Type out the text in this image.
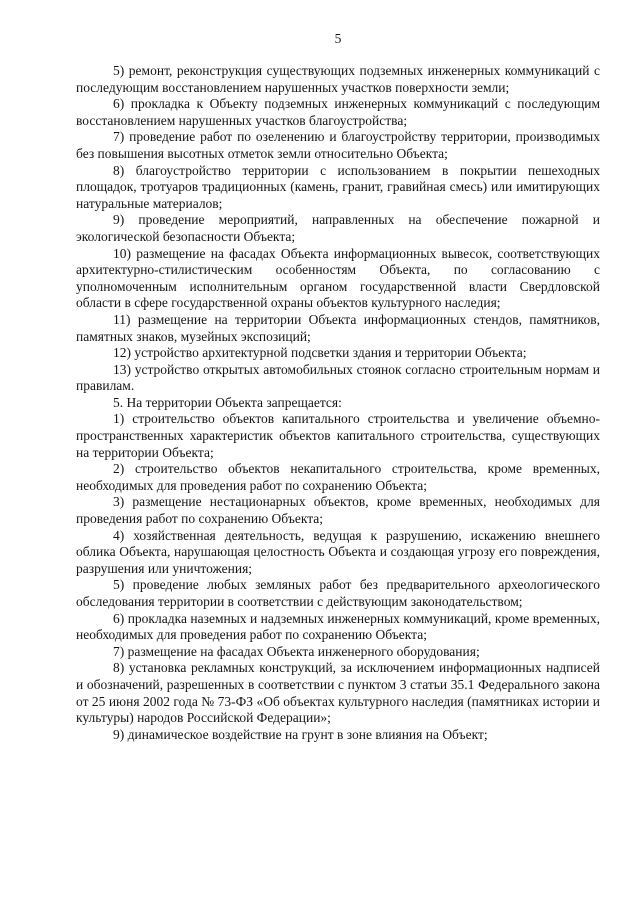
5

5) ремонт, реконструкция существующих подземных инженерных коммуникаций с последующим восстановлением нарушенных участков поверхности земли;

6) прокладка к Объекту подземных инженерных коммуникаций с последующим восстановлением нарушенных участков благоустройства;

7) проведение работ по озеленению и благоустройству территории, производимых без повышения высотных отметок земли относительно Объекта;

8) благоустройство территории с использованием в покрытии пешеходных площадок, тротуаров традиционных (камень, гранит, гравийная смесь) или имитирующих натуральные материалов;

9) проведение мероприятий, направленных на обеспечение пожарной и экологической безопасности Объекта;

10) размещение на фасадах Объекта информационных вывесок, соответствующих архитектурно-стилистическим особенностям Объекта, по согласованию с уполномоченным исполнительным органом государственной власти Свердловской области в сфере государственной охраны объектов культурного наследия;

11) размещение на территории Объекта информационных стендов, памятников, памятных знаков, музейных экспозиций;

12) устройство архитектурной подсветки здания и территории Объекта;

13) устройство открытых автомобильных стоянок согласно строительным нормам и правилам.

5. На территории Объекта запрещается:

1) строительство объектов капитального строительства и увеличение объемно-пространственных характеристик объектов капитального строительства, существующих на территории Объекта;

2) строительство объектов некапитального строительства, кроме временных, необходимых для проведения работ по сохранению Объекта;

3) размещение нестационарных объектов, кроме временных, необходимых для проведения работ по сохранению Объекта;

4) хозяйственная деятельность, ведущая к разрушению, искажению внешнего облика Объекта, нарушающая целостность Объекта и создающая угрозу его повреждения, разрушения или уничтожения;

5) проведение любых земляных работ без предварительного археологического обследования территории в соответствии с действующим законодательством;

6) прокладка наземных и надземных инженерных коммуникаций, кроме временных, необходимых для проведения работ по сохранению Объекта;

7) размещение на фасадах Объекта инженерного оборудования;

8) установка рекламных конструкций, за исключением информационных надписей и обозначений, разрешенных в соответствии с пунктом 3 статьи 35.1 Федерального закона от 25 июня 2002 года № 73-ФЗ «Об объектах культурного наследия (памятниках истории и культуры) народов Российской Федерации»;

9) динамическое воздействие на грунт в зоне влияния на Объект;
